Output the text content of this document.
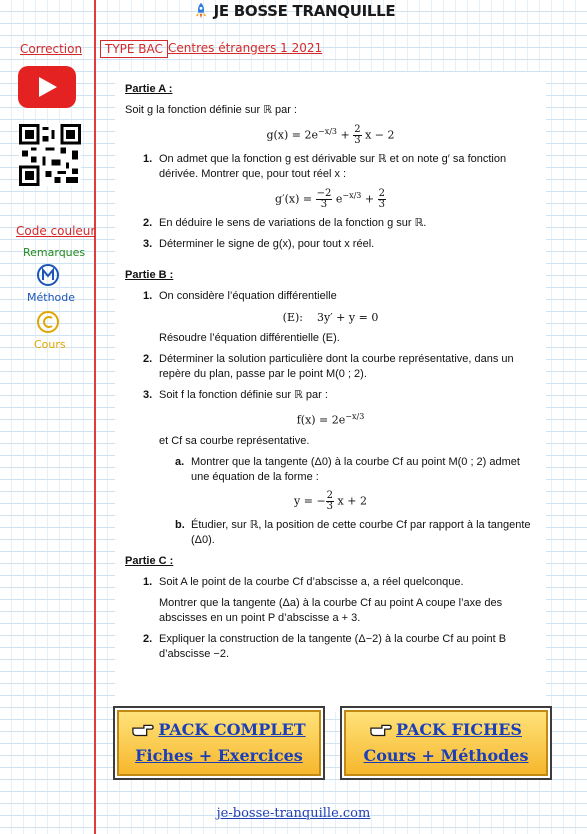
JE BOSSE TRANQUILLE
Correction	TYPE BAC Centres étrangers 1 2021
Code couleur
Remarques
Méthode
Cours
Partie A :
Soit g la fonction définie sur ℝ par :
$g(x) = 2e^{-x/3} + \frac{2}{3}$ x − 2
1. On admet que la fonction g est dérivable sur ℝ et on note g′ sa fonction dérivée. Montrer que, pour tout réel x :
$g'(x) = \frac{-2}{3} e^{-x/3} + \frac{2}{3}$
2. En déduire le sens de variations de la fonction g sur ℝ.
3. Déterminer le signe de g(x), pour tout x réel.
Partie B :
1. On considère l’équation différentielle
(E):    3y′ + y = 0
Résoudre l’équation différentielle (E).
2. Déterminer la solution particulière dont la courbe représentative, dans un repère du plan, passe par le point M(0 ; 2).
3. Soit f la fonction définie sur ℝ par :
$f(x) = 2e^{-x/3}$
et Cf sa courbe représentative.
a. Montrer que la tangente (Δ0) à la courbe Cf au point M(0 ; 2) admet une équation de la forme :
y = − $\frac{2}{3}$ x + 2
b. Étudier, sur ℝ, la position de cette courbe Cf par rapport à la tangente (Δ0).
Partie C :
1. Soit A le point de la courbe Cf d’abscisse a, a réel quelconque.
Montrer que la tangente (Δa) à la courbe Cf au point A coupe l’axe des abscisses en un point P d’abscisse a + 3.
2. Expliquer la construction de la tangente (Δ−2) à la courbe Cf au point B d’abscisse −2.
PACK COMPLET
Fiches + Exercices
PACK FICHES
Cours + Méthodes
je-bosse-tranquille.com
